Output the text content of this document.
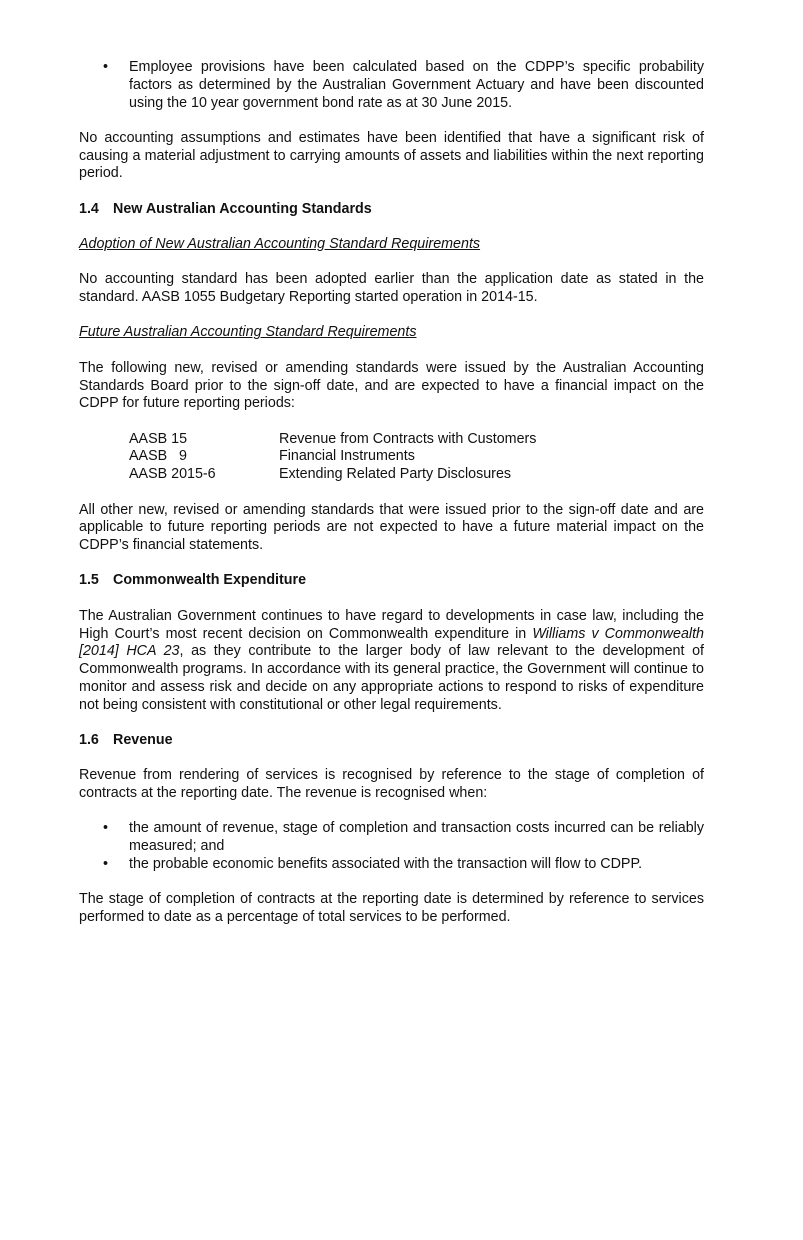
• Employee provisions have been calculated based on the CDPP’s specific probability factors as determined by the Australian Government Actuary and have been discounted using the 10 year government bond rate as at 30 June 2015.

No accounting assumptions and estimates have been identified that have a significant risk of causing a material adjustment to carrying amounts of assets and liabilities within the next reporting period.

1.4 New Australian Accounting Standards

Adoption of New Australian Accounting Standard Requirements

No accounting standard has been adopted earlier than the application date as stated in the standard. AASB 1055 Budgetary Reporting started operation in 2014-15.

Future Australian Accounting Standard Requirements

The following new, revised or amending standards were issued by the Australian Accounting Standards Board prior to the sign-off date, and are expected to have a financial impact on the CDPP for future reporting periods:

AASB 15	Revenue from Contracts with Customers
AASB   9	Financial Instruments
AASB 2015-6	Extending Related Party Disclosures

All other new, revised or amending standards that were issued prior to the sign-off date and are applicable to future reporting periods are not expected to have a future material impact on the CDPP’s financial statements.

1.5 Commonwealth Expenditure

The Australian Government continues to have regard to developments in case law, including the High Court’s most recent decision on Commonwealth expenditure in Williams v Commonwealth [2014] HCA 23, as they contribute to the larger body of law relevant to the development of Commonwealth programs. In accordance with its general practice, the Government will continue to monitor and assess risk and decide on any appropriate actions to respond to risks of expenditure not being consistent with constitutional or other legal requirements.

1.6 Revenue

Revenue from rendering of services is recognised by reference to the stage of completion of contracts at the reporting date. The revenue is recognised when:

• the amount of revenue, stage of completion and transaction costs incurred can be reliably measured; and
• the probable economic benefits associated with the transaction will flow to CDPP.

The stage of completion of contracts at the reporting date is determined by reference to services performed to date as a percentage of total services to be performed.
